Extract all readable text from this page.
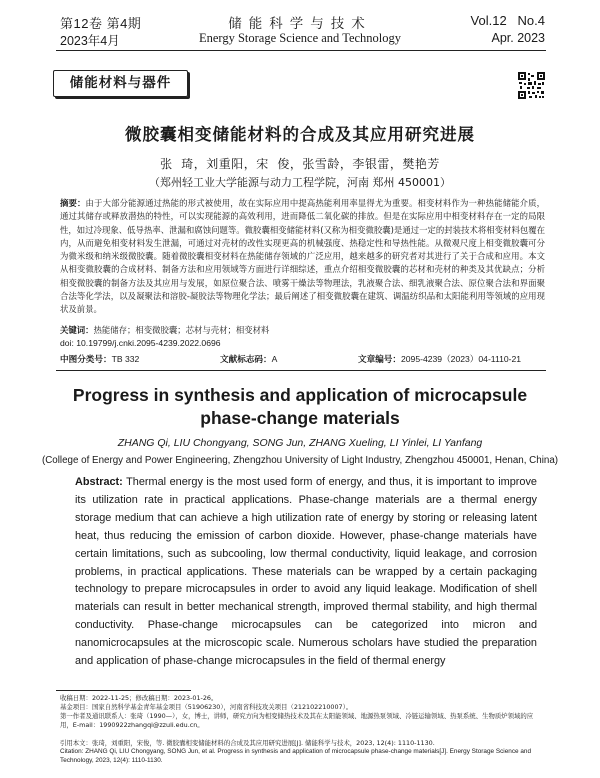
第12卷 第4期
2023年4月
储能科学与技术
Energy Storage Science and Technology
Vol.12   No.4
Apr. 2023
储能材料与器件
微胶囊相变储能材料的合成及其应用研究进展
张  琦，刘重阳，宋  俊，张雪龄，李银雷，樊艳芳
（郑州轻工业大学能源与动力工程学院，河南 郑州 450001）
摘要：由于大部分能源通过热能的形式被使用，故在实际应用中提高热能利用率显得尤为重要。相变材料作为一种热能储能介质，通过其储存或释放潜热的特性，可以实现能源的高效利用，进而降低二氧化碳的排放。但是在实际应用中相变材料存在一定的局限性，如过冷现象、低导热率、泄漏和腐蚀问题等。微胶囊相变储能材料(又称为相变微胶囊)是通过一定的封装技术将相变材料包覆在内，从而避免相变材料发生泄漏，可通过对壳材的改性实现更高的机械强度、热稳定性和导热性能。从微观尺度上相变微胶囊可分为微米级和纳米级微胶囊。随着微胶囊相变材料在热能储存领域的广泛应用，越来越多的研究者对其进行了关于合成和应用。本文从相变微胶囊的合成材料、制备方法和应用领域等方面进行详细综述，重点介绍相变微胶囊的芯材和壳材的种类及其优缺点；分析相变微胶囊的制备方法及其应用与发展，如原位聚合法、喷雾干燥法等物理法，乳液聚合法、细乳液聚合法、原位聚合法和界面聚合法等化学法，以及凝聚法和溶胶-凝胶法等物理化学法；最后阐述了相变微胶囊在建筑、调温纺织品和太阳能利用等领域的应用现状及前景。
关键词：热能储存；相变微胶囊；芯材与壳材；相变材料
doi: 10.19799/j.cnki.2095-4239.2022.0696
中图分类号：TB 332	文献标志码：A	文章编号：2095-4239（2023）04-1110-21
Progress in synthesis and application of microcapsule phase-change materials
ZHANG Qi, LIU Chongyang, SONG Jun, ZHANG Xueling, LI Yinlei, LI Yanfang
(College of Energy and Power Engineering, Zhengzhou University of Light Industry, Zhengzhou 450001, Henan, China)
Abstract: Thermal energy is the most used form of energy, and thus, it is important to improve its utilization rate in practical applications. Phase-change materials are a thermal energy storage medium that can achieve a high utilization rate of energy by storing or releasing latent heat, thus reducing the emission of carbon dioxide. However, phase-change materials have certain limitations, such as subcooling, low thermal conductivity, liquid leakage, and corrosion problems, in practical applications. These materials can be wrapped by a certain packaging technology to prepare microcapsules in order to avoid any liquid leakage. Modification of shell materials can result in better mechanical strength, improved thermal stability, and high thermal conductivity. Phase-change microcapsules can be categorized into micron and nanomicrocapsules at the microscopic scale. Numerous scholars have studied the preparation and application of phase-change microcapsules in the field of thermal energy
收稿日期：2022-11-25；修改稿日期：2023-01-26。
基金项目：国家自然科学基金青年基金项目（51906230），河南省科技攻关项目（212102210007）。
第一作者及通讯联系人：张琦（1990—），女，博士，讲师，研究方向为相变储热技术及其在太阳能领域、地源热泵领域、冷链运输领域、热泵系统、生物质炉领域的应用，E-mail：1990922zhangqi@zzuli.edu.cn。
引用本文：张琦，刘重阳，宋俊，等. 微胶囊相变储能材料的合成及其应用研究进展[J]. 储能科学与技术，2023, 12(4): 1110-1130.
Citation: ZHANG Qi, LIU Chongyang, SONG Jun, et al. Progress in synthesis and application of microcapsule phase-change materials[J]. Energy Storage Science and Technology, 2023, 12(4): 1110-1130.
